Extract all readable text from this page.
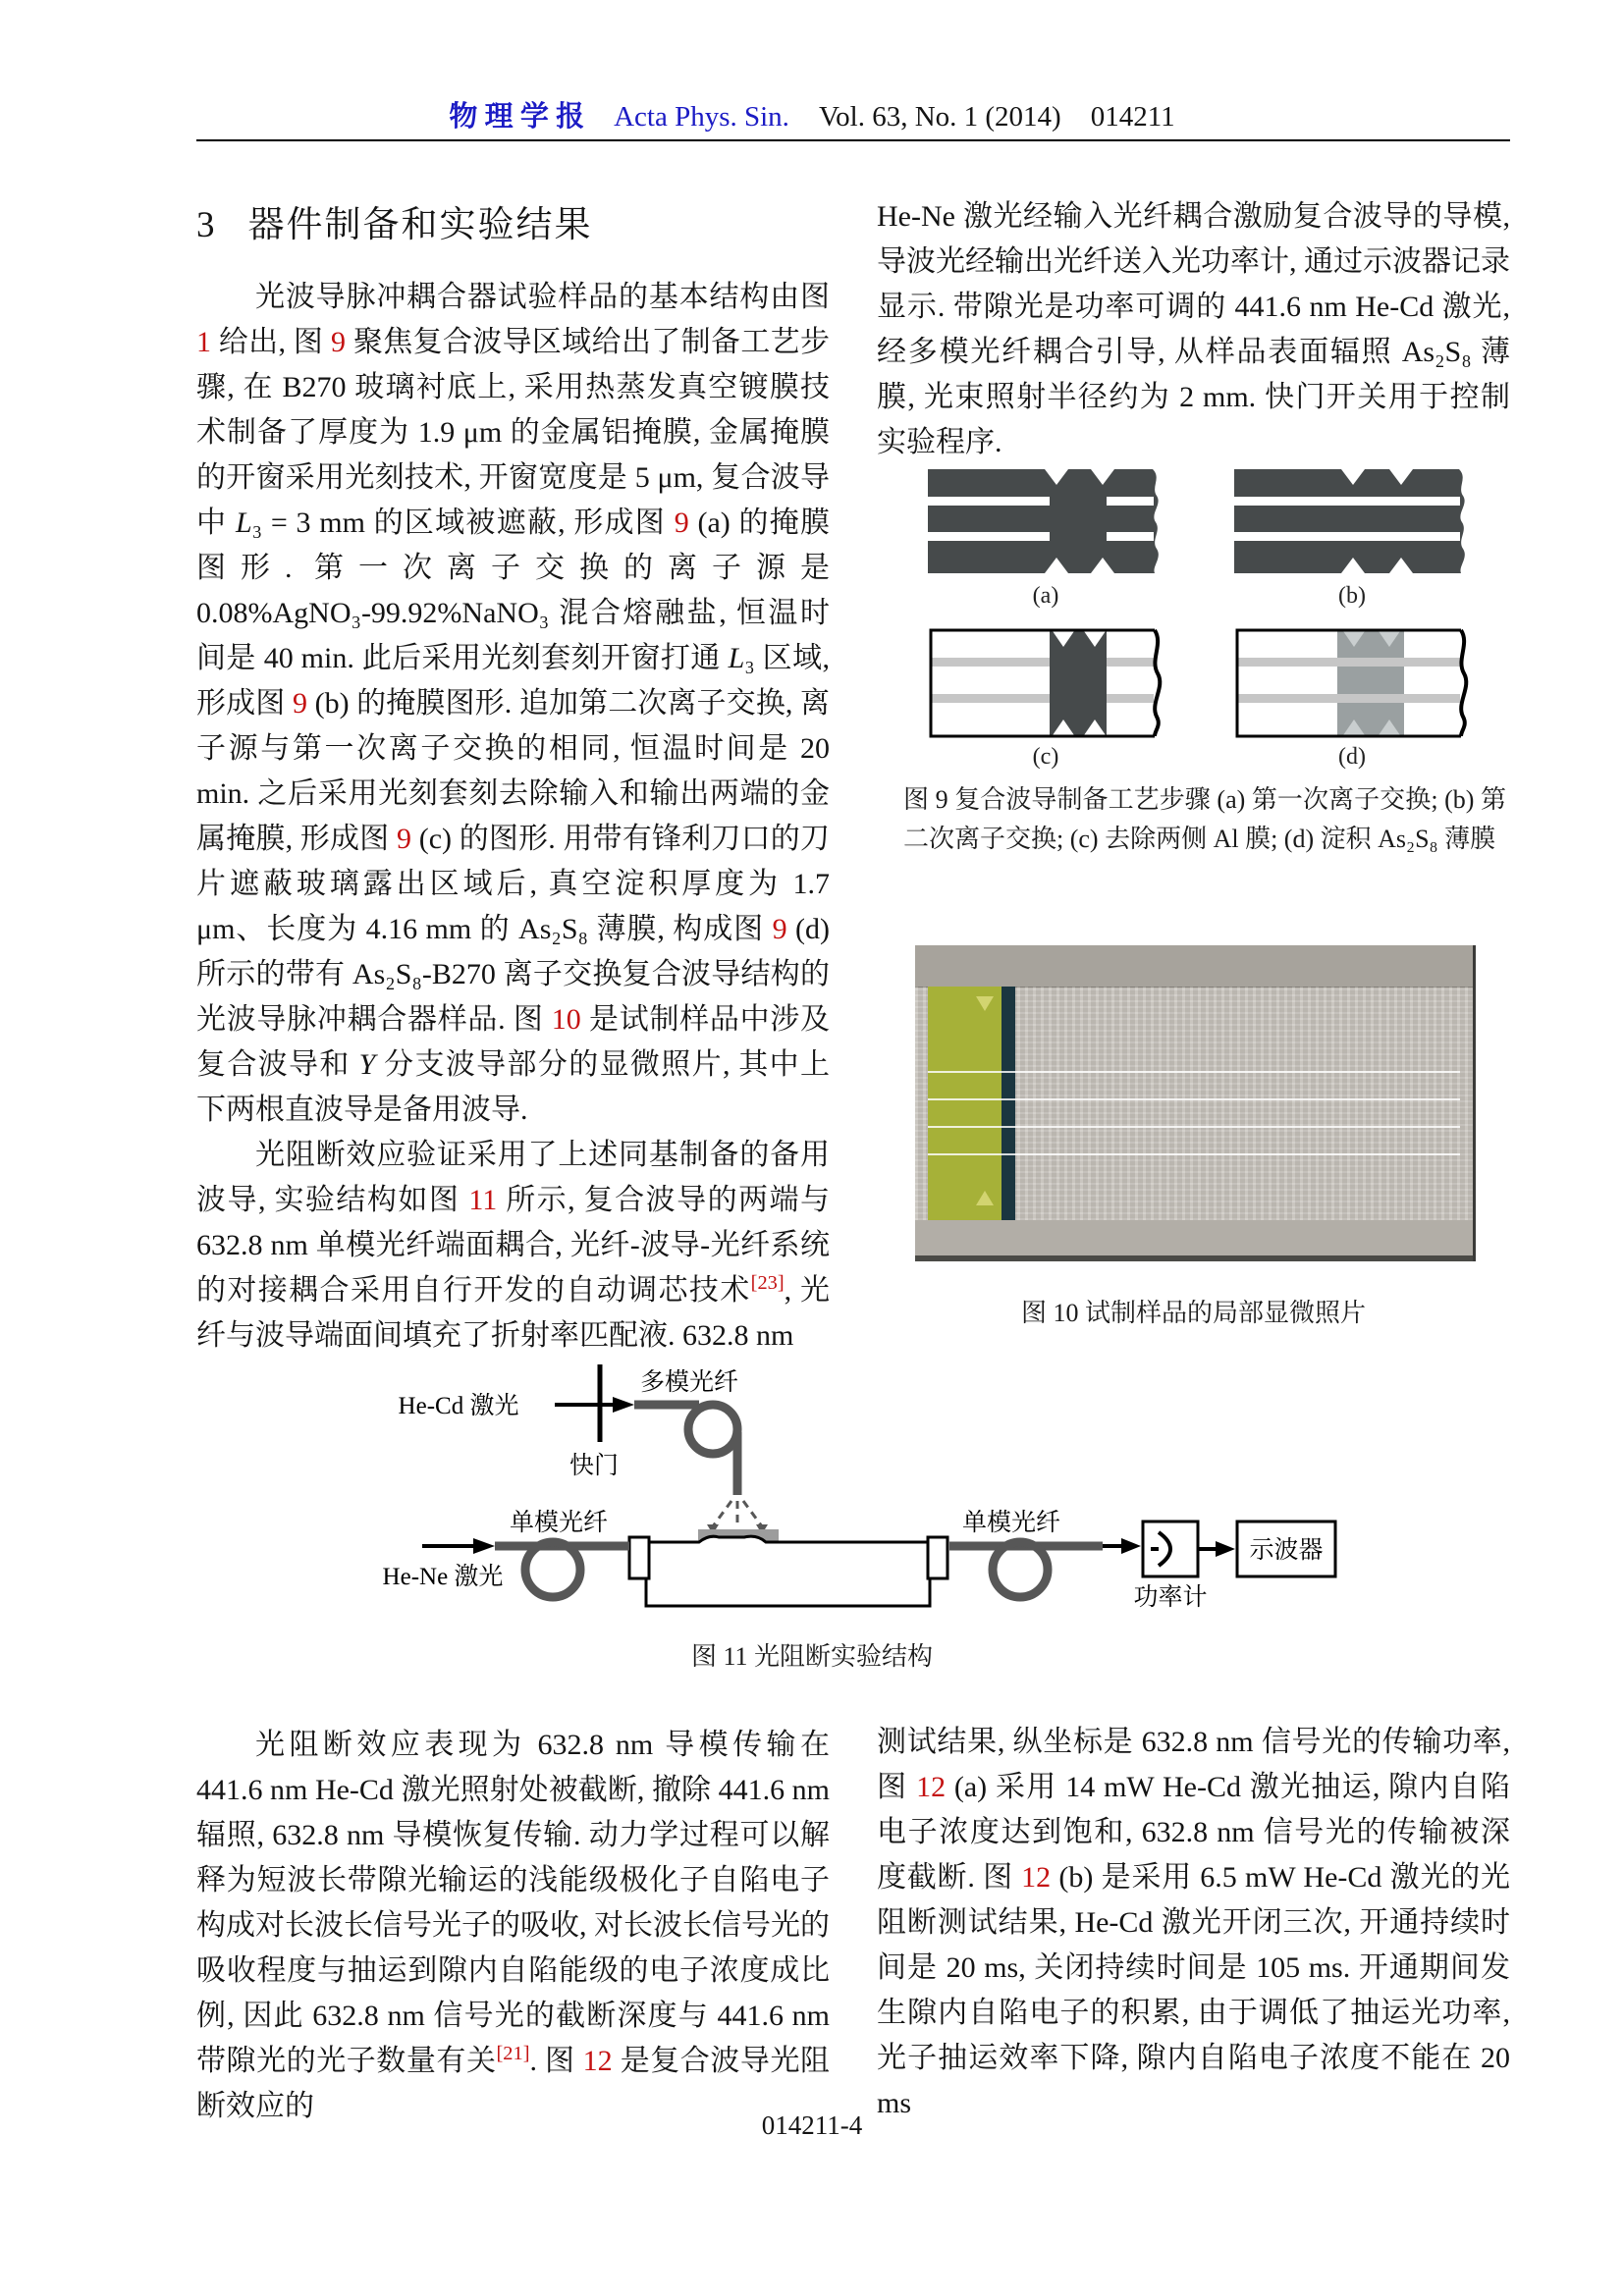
物 理 学 报 Acta Phys. Sin. Vol. 63, No. 1 (2014) 014211
3 器件制备和实验结果

光波导脉冲耦合器试验样品的基本结构由图 1 给出, 图 9 聚焦复合波导区域给出了制备工艺步骤, 在 B270 玻璃衬底上, 采用热蒸发真空镀膜技术制备了厚度为 1.9 μm 的金属铝掩膜, 金属掩膜的开窗采用光刻技术, 开窗宽度是 5 μm, 复合波导中 L₃ = 3 mm 的区域被遮蔽, 形成图 9 (a) 的掩膜图形. 第一次离子交换的离子源是 0.08%AgNO₃-99.92%NaNO₃ 混合熔融盐, 恒温时间是 40 min. 此后采用光刻套刻开窗打通 L₃ 区域, 形成图 9 (b) 的掩膜图形. 追加第二次离子交换, 离子源与第一次离子交换的相同, 恒温时间是 20 min. 之后采用光刻套刻去除输入和输出两端的金属掩膜, 形成图 9 (c) 的图形. 用带有锋利刀口的刀片遮蔽玻璃露出区域后, 真空淀积厚度为 1.7 μm、长度为 4.16 mm 的 As₂S₈ 薄膜, 构成图 9 (d) 所示的带有 As₂S₈-B270 离子交换复合波导结构的光波导脉冲耦合器样品. 图 10 是试制样品中涉及复合波导和 Y 分支波导部分的显微照片, 其中上下两根直波导是备用波导.

光阻断效应验证采用了上述同基制备的备用波导, 实验结构如图 11 所示, 复合波导的两端与 632.8 nm 单模光纤端面耦合, 光纤-波导-光纤系统的对接耦合采用自行开发的自动调芯技术[23], 光纤与波导端面间填充了折射率匹配液. 632.8 nm

He-Ne 激光经输入光纤耦合激励复合波导的导模, 导波光经输出光纤送入光功率计, 通过示波器记录显示. 带隙光是功率可调的 441.6 nm He-Cd 激光, 经多模光纤耦合引导, 从样品表面辐照 As₂S₈ 薄膜, 光束照射半径约为 2 mm. 快门开关用于控制实验程序.

(a)	(b)
(c)	(d)
图 9 复合波导制备工艺步骤 (a) 第一次离子交换; (b) 第二次离子交换; (c) 去除两侧 Al 膜; (d) 淀积 As₂S₈ 薄膜
图 10 试制样品的局部显微照片
He-Cd 激光
快门
多模光纤
He-Ne 激光
单模光纤	单模光纤
功率计
示波器
图 11 光阻断实验结构

光阻断效应表现为 632.8 nm 导模传输在 441.6 nm He-Cd 激光照射处被截断, 撤除 441.6 nm 辐照, 632.8 nm 导模恢复传输. 动力学过程可以解释为短波长带隙光输运的浅能级极化子自陷电子构成对长波长信号光子的吸收, 对长波长信号光的吸收程度与抽运到隙内自陷能级的电子浓度成比例, 因此 632.8 nm 信号光的截断深度与 441.6 nm 带隙光的光子数量有关[21]. 图 12 是复合波导光阻断效应的

测试结果, 纵坐标是 632.8 nm 信号光的传输功率, 图 12 (a) 采用 14 mW He-Cd 激光抽运, 隙内自陷电子浓度达到饱和, 632.8 nm 信号光的传输被深度截断. 图 12 (b) 是采用 6.5 mW He-Cd 激光的光阻断测试结果, He-Cd 激光开闭三次, 开通持续时间是 20 ms, 关闭持续时间是 105 ms. 开通期间发生隙内自陷电子的积累, 由于调低了抽运光功率, 光子抽运效率下降, 隙内自陷电子浓度不能在 20 ms

014211-4
